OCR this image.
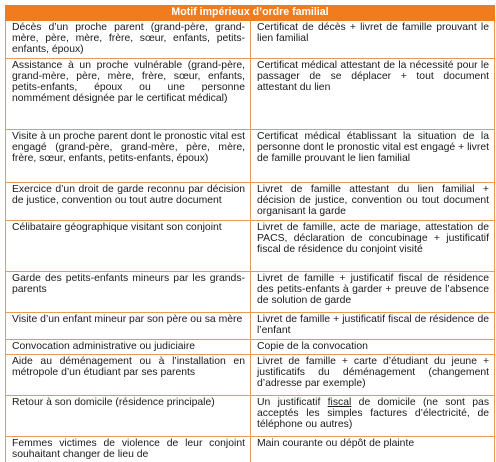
Motif impérieux d’ordre familial	
Décès d’un proche parent (grand-père, grand-mère, père, mère, frère, sœur, enfants, petits-enfants, époux)	Certificat de décès + livret de famille prouvant le lien familial
Assistance à un proche vulnérable (grand-père, grand-mère, père, mère, frère, sœur, enfants, petits-enfants, époux ou une personne nommément désignée par le certificat médical)	Certificat médical attestant de la nécessité pour le passager de se déplacer + tout document attestant du lien
Visite à un proche parent dont le pronostic vital est engagé (grand-père, grand-mère, père, mère, frère, sœur, enfants, petits-enfants, époux)	Certificat médical établissant la situation de la personne dont le pronostic vital est engagé + livret de famille prouvant le lien familial
Exercice d’un droit de garde reconnu par décision de justice, convention ou tout autre document	Livret de famille attestant du lien familial + décision de justice, convention ou tout document organisant la garde
Célibataire géographique visitant son conjoint	Livret de famille, acte de mariage, attestation de PACS, déclaration de concubinage + justificatif fiscal de résidence du conjoint visité
Garde des petits-enfants mineurs par les grands-parents	Livret de famille + justificatif fiscal de résidence des petits-enfants à garder + preuve de l’absence de solution de garde
Visite d’un enfant mineur par son père ou sa mère	Livret de famille + justificatif fiscal de résidence de l’enfant
Convocation administrative ou judiciaire	Copie de la convocation
Aide au déménagement ou à l’installation en métropole d’un étudiant par ses parents	Livret de famille + carte d’étudiant du jeune + justificatifs du déménagement (changement d’adresse par exemple)
Retour à son domicile (résidence principale)	Un justificatif fiscal de domicile (ne sont pas acceptés les simples factures d’électricité, de téléphone ou autres)
Femmes victimes de violence de leur conjoint souhaitant changer de lieu de	Main courante ou dépôt de plainte
